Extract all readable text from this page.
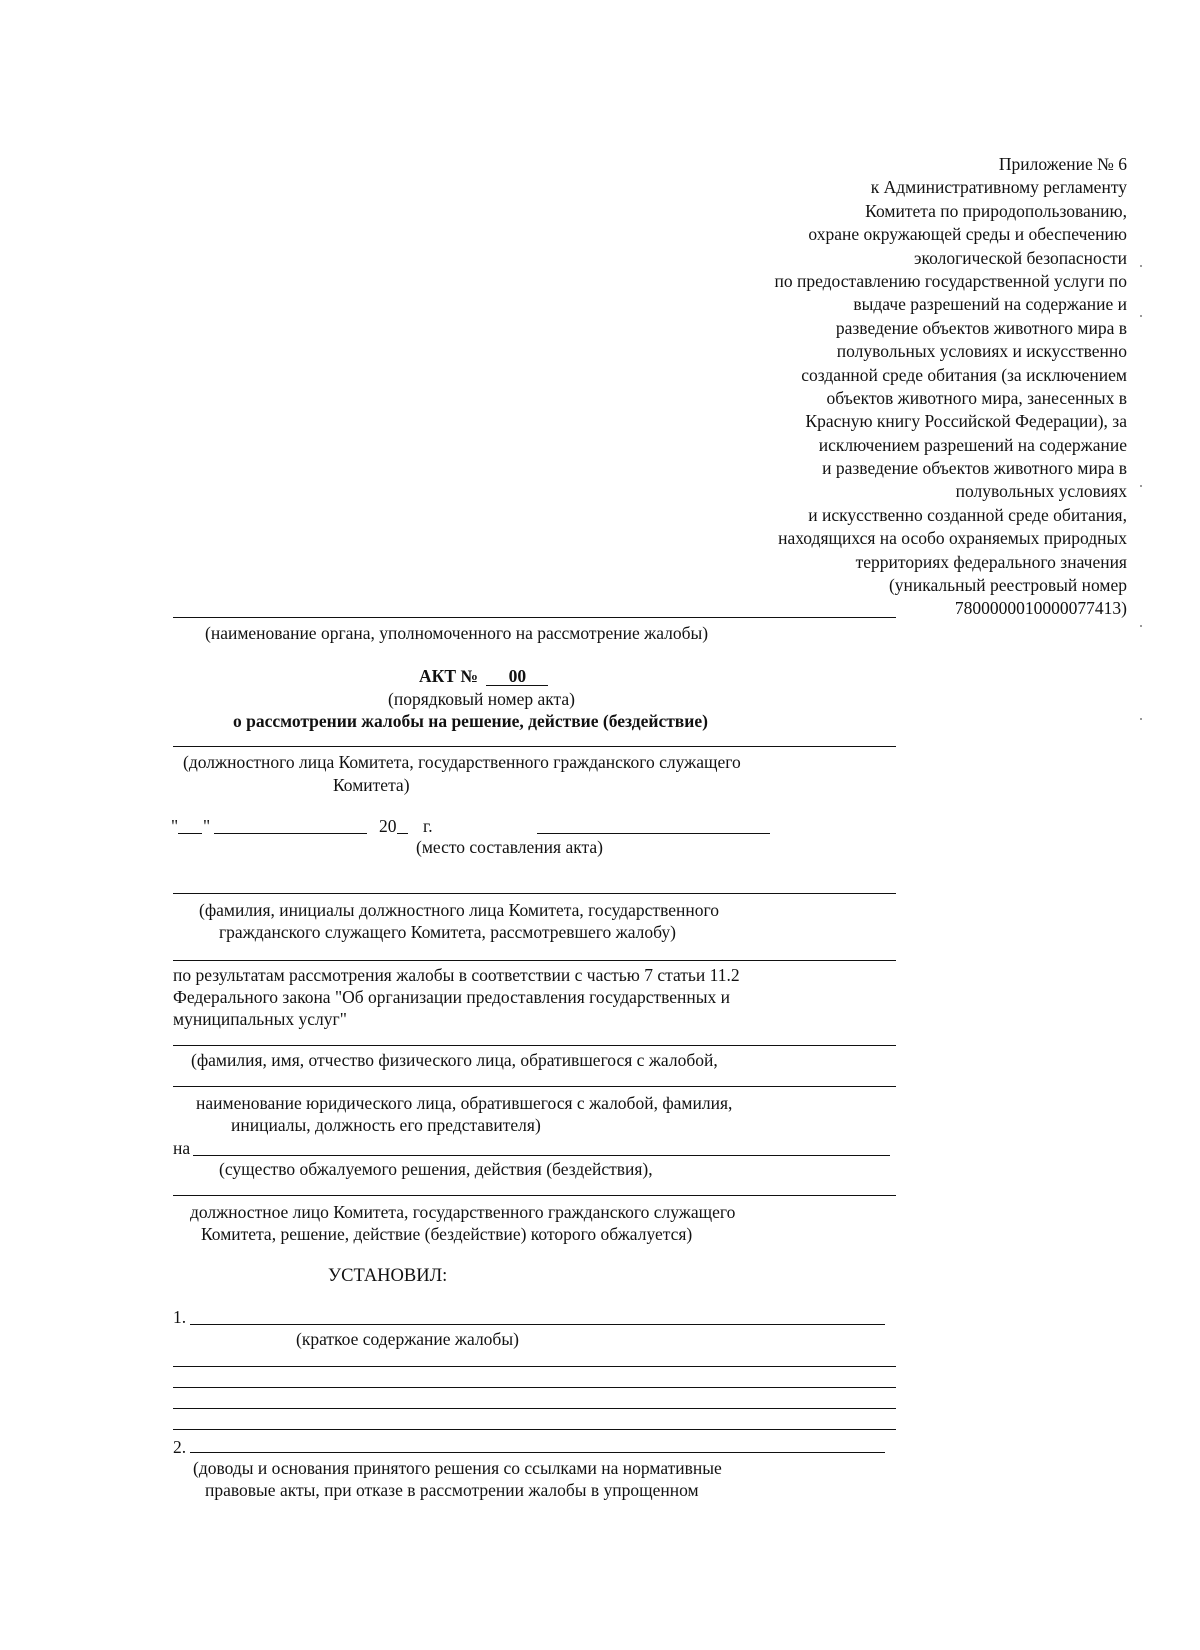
Приложение № 6
к Административному регламенту
Комитета по природопользованию,
охране окружающей среды и обеспечению
экологической безопасности
по предоставлению государственной услуги по
выдаче разрешений на содержание и
разведение объектов животного мира в
полувольных условиях и искусственно
созданной среде обитания (за исключением
объектов животного мира, занесенных в
Красную книгу Российской Федерации), за
исключением разрешений на содержание
и разведение объектов животного мира в
полувольных условиях
и искусственно созданной среде обитания,
находящихся на особо охраняемых природных
территориях федерального значения
(уникальный реестровый номер
7800000010000077413)
(наименование органа, уполномоченного на рассмотрение жалобы)
АКТ № 00
(порядковый номер акта)
о рассмотрении жалобы на решение, действие (бездействие)
(должностного лица Комитета, государственного гражданского служащего
Комитета)
" "	20 г.
(место составления акта)
(фамилия, инициалы должностного лица Комитета, государственного
гражданского служащего Комитета, рассмотревшего жалобу)
по результатам рассмотрения жалобы в соответствии с частью 7 статьи 11.2
Федерального закона "Об организации предоставления государственных и
муниципальных услуг"
(фамилия, имя, отчество физического лица, обратившегося с жалобой,
наименование юридического лица, обратившегося с жалобой, фамилия,
инициалы, должность его представителя)
на
(существо обжалуемого решения, действия (бездействия),
должностное лицо Комитета, государственного гражданского служащего
Комитета, решение, действие (бездействие) которого обжалуется)
УСТАНОВИЛ:
1.
(краткое содержание жалобы)
2.
(доводы и основания принятого решения со ссылками на нормативные
правовые акты, при отказе в рассмотрении жалобы в упрощенном
